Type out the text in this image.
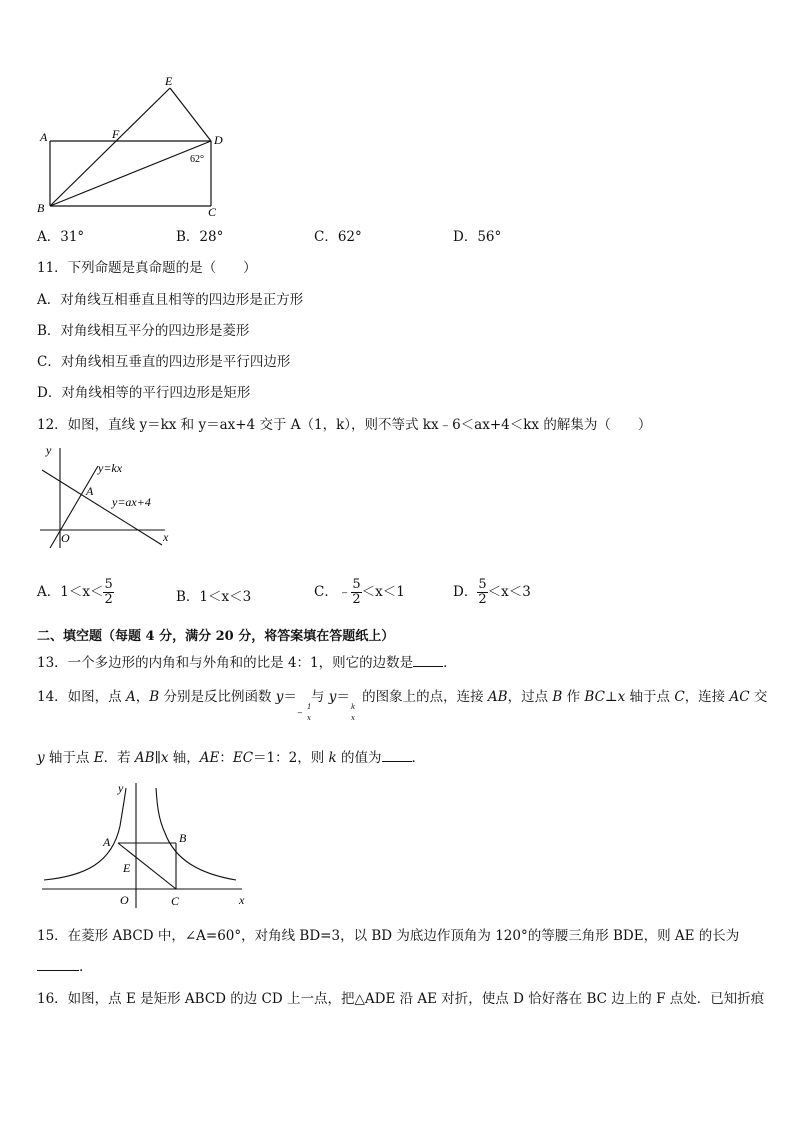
E
A	F	D
62°
B	C
A．31°	B．28°	C．62°	D．56°
11．下列命题是真命题的是（　　）
A．对角线互相垂直且相等的四边形是正方形
B．对角线相互平分的四边形是菱形
C．对角线相互垂直的四边形是平行四边形
D．对角线相等的平行四边形是矩形
12．如图，直线 y＝kx 和 y＝ax+4 交于 A（1，k），则不等式 kx﹣6＜ax+4＜kx 的解集为（　　）
y
y=kx
A
y=ax+4
O	x
A．$1<x< \frac{5}{2}$	B．1＜x＜3	C．﹣ $\frac{5}{2} <x<1$	D． $\frac{5}{2} <x<3$
二、填空题（每题 4 分，满分 20 分，将答案填在答题纸上）
13．一个多边形的内角和与外角和的比是 4：1，则它的边数是 ．
14．如图，点 A，B 分别是反比例函数 y＝ 与 y＝ 的图象上的点，连接 AB，过点 B 作 BC⊥x 轴于点 C，连接 AC 交
−
1
x
k
x
y 轴于点 E．若 AB∥x 轴，AE：EC＝1：2，则 k 的值为 ．
y
A	B
E
O	C	x
15．在菱形 ABCD 中，∠A=60°，对角线 BD=3，以 BD 为底边作顶角为 120°的等腰三角形 BDE，则 AE 的长为
.
16．如图，点 E 是矩形 ABCD 的边 CD 上一点，把△ADE 沿 AE 对折，使点 D 恰好落在 BC 边上的 F 点处．已知折痕
